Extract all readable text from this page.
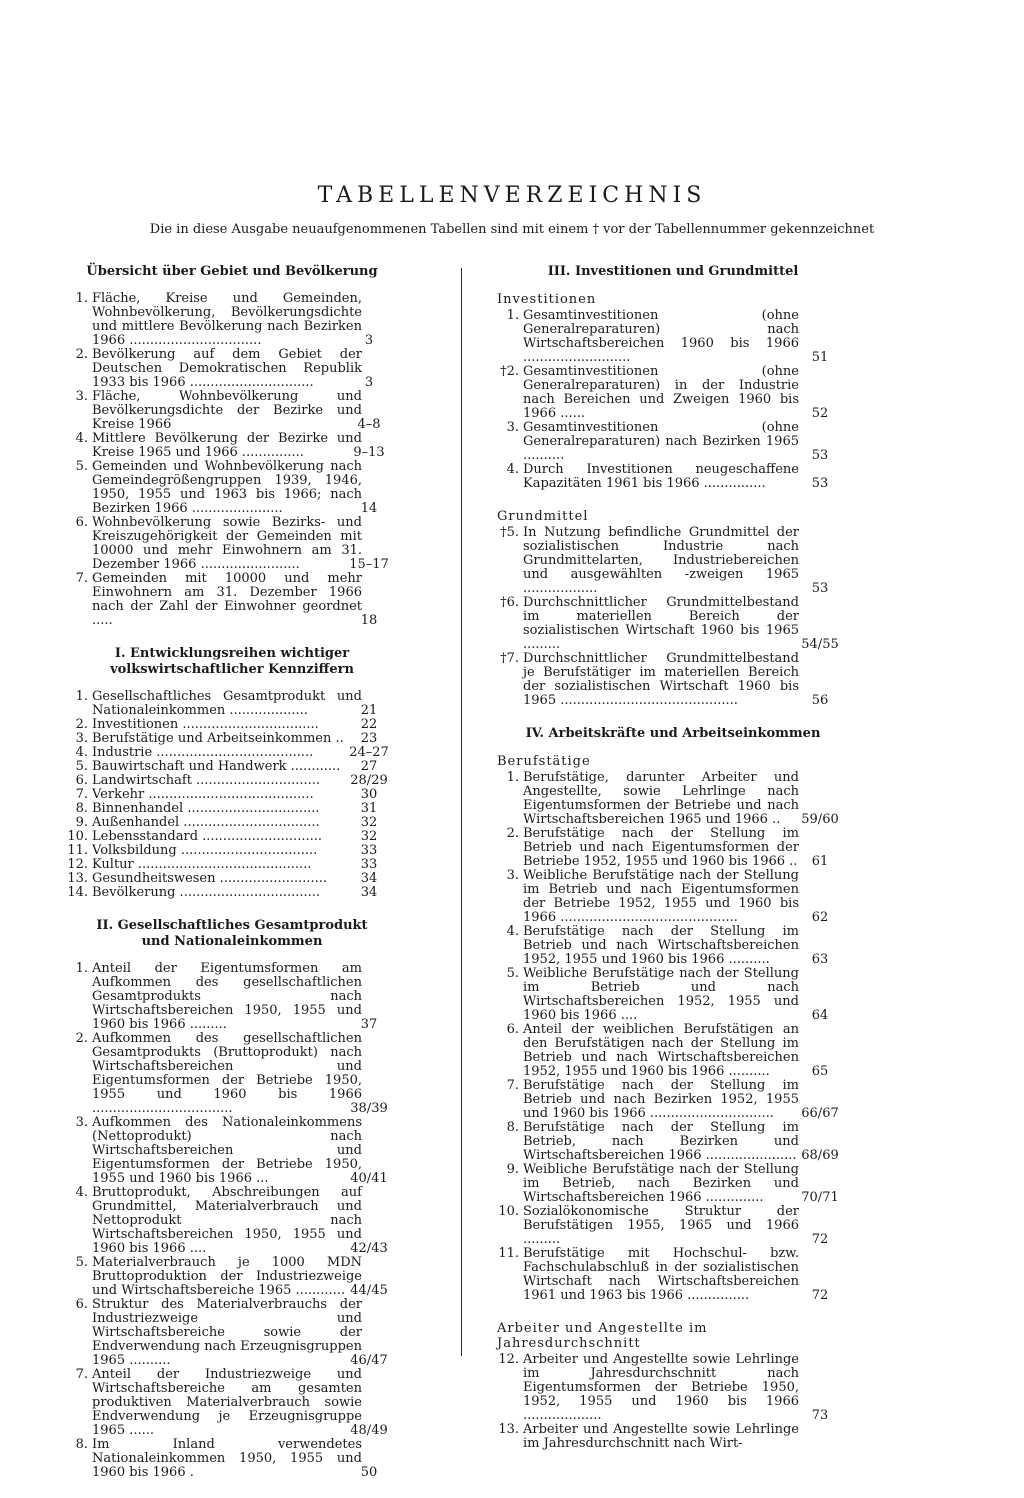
TABELLENVERZEICHNIS
Die in diese Ausgabe neuaufgenommenen Tabellen sind mit einem † vor der Tabellennummer gekennzeichnet
Übersicht über Gebiet und Bevölkerung
1. Fläche, Kreise und Gemeinden, Wohnbevölkerung, Bevölkerungsdichte und mittlere Bevölkerung nach Bezirken 1966 ................................	3
2. Bevölkerung auf dem Gebiet der Deutschen Demokratischen Republik 1933 bis 1966 ..............................	3
3. Fläche, Wohnbevölkerung und Bevölkerungsdichte der Bezirke und Kreise 1966	4–8
4. Mittlere Bevölkerung der Bezirke und Kreise 1965 und 1966 ...............	9–13
5. Gemeinden und Wohnbevölkerung nach Gemeindegrößengruppen 1939, 1946, 1950, 1955 und 1963 bis 1966; nach Bezirken 1966 ......................	14
6. Wohnbevölkerung sowie Bezirks- und Kreiszugehörigkeit der Gemeinden mit 10000 und mehr Einwohnern am 31. Dezember 1966 ........................	15–17
7. Gemeinden mit 10000 und mehr Einwohnern am 31. Dezember 1966 nach der Zahl der Einwohner geordnet .....	18
I. Entwicklungsreihen wichtiger
volkswirtschaftlicher Kennziffern
1. Gesellschaftliches Gesamtprodukt und Nationaleinkommen ...................	21
2. Investitionen .................................	22
3. Berufstätige und Arbeitseinkommen ..	23
4. Industrie ......................................	24–27
5. Bauwirtschaft und Handwerk ............	27
6. Landwirtschaft ..............................	28/29
7. Verkehr ........................................	30
8. Binnenhandel ................................	31
9. Außenhandel .................................	32
10. Lebensstandard .............................	32
11. Volksbildung .................................	33
12. Kultur ..........................................	33
13. Gesundheitswesen ..........................	34
14. Bevölkerung ..................................	34
II. Gesellschaftliches Gesamtprodukt
und Nationaleinkommen
1. Anteil der Eigentumsformen am Aufkommen des gesellschaftlichen Gesamtprodukts nach Wirtschaftsbereichen 1950, 1955 und 1960 bis 1966 .........	37
2. Aufkommen des gesellschaftlichen Gesamtprodukts (Bruttoprodukt) nach Wirtschaftsbereichen und Eigentumsformen der Betriebe 1950, 1955 und 1960 bis 1966 ..................................	38/39
3. Aufkommen des Nationaleinkommens (Nettoprodukt) nach Wirtschaftsbereichen und Eigentumsformen der Betriebe 1950, 1955 und 1960 bis 1966 ...	40/41
4. Bruttoprodukt, Abschreibungen auf Grundmittel, Materialverbrauch und Nettoprodukt nach Wirtschaftsbereichen 1950, 1955 und 1960 bis 1966 ....	42/43
5. Materialverbrauch je 1000 MDN Bruttoproduktion der Industriezweige und Wirtschaftsbereiche 1965 ............ 44/45
6. Struktur des Materialverbrauchs der Industriezweige und Wirtschaftsbereiche sowie der Endverwendung nach Erzeugnisgruppen 1965 ..........	46/47
7. Anteil der Industriezweige und Wirtschaftsbereiche am gesamten produktiven Materialverbrauch sowie Endverwendung je Erzeugnisgruppe 1965 ......	48/49
8. Im Inland verwendetes Nationaleinkommen 1950, 1955 und 1960 bis 1966 .	50
III. Investitionen und Grundmittel
Investitionen
1. Gesamtinvestitionen (ohne Generalreparaturen) nach Wirtschaftsbereichen 1960 bis 1966 ..........................	51
†2. Gesamtinvestitionen (ohne Generalreparaturen) in der Industrie nach Bereichen und Zweigen 1960 bis 1966 ......	52
3. Gesamtinvestitionen (ohne Generalreparaturen) nach Bezirken 1965 ..........	53
4. Durch Investitionen neugeschaffene Kapazitäten 1961 bis 1966 ...............	53
Grundmittel
†5. In Nutzung befindliche Grundmittel der sozialistischen Industrie nach Grundmittelarten, Industriebereichen und ausgewählten -zweigen 1965 ..................	53
†6. Durchschnittlicher Grundmittelbestand im materiellen Bereich der sozialistischen Wirtschaft 1960 bis 1965 .........	54/55
†7. Durchschnittlicher Grundmittelbestand je Berufstätiger im materiellen Bereich der sozialistischen Wirtschaft 1960 bis 1965 ...........................................	56
IV. Arbeitskräfte und Arbeitseinkommen
Berufstätige
1. Berufstätige, darunter Arbeiter und Angestellte, sowie Lehrlinge nach Eigentumsformen der Betriebe und nach Wirtschaftsbereichen 1965 und 1966 ..	59/60
2. Berufstätige nach der Stellung im Betrieb und nach Eigentumsformen der Betriebe 1952, 1955 und 1960 bis 1966 ..	61
3. Weibliche Berufstätige nach der Stellung im Betrieb und nach Eigentumsformen der Betriebe 1952, 1955 und 1960 bis 1966 ...........................................	62
4. Berufstätige nach der Stellung im Betrieb und nach Wirtschaftsbereichen 1952, 1955 und 1960 bis 1966 ..........	63
5. Weibliche Berufstätige nach der Stellung im Betrieb und nach Wirtschaftsbereichen 1952, 1955 und 1960 bis 1966 ....	64
6. Anteil der weiblichen Berufstätigen an den Berufstätigen nach der Stellung im Betrieb und nach Wirtschaftsbereichen 1952, 1955 und 1960 bis 1966 ..........	65
7. Berufstätige nach der Stellung im Betrieb und nach Bezirken 1952, 1955 und 1960 bis 1966 ..............................	66/67
8. Berufstätige nach der Stellung im Betrieb, nach Bezirken und Wirtschaftsbereichen 1966 ...................... 68/69
9. Weibliche Berufstätige nach der Stellung im Betrieb, nach Bezirken und Wirtschaftsbereichen 1966 ..............	70/71
10. Sozialökonomische Struktur der Berufstätigen 1955, 1965 und 1966 .........	72
11. Berufstätige mit Hochschul- bzw. Fachschulabschluß in der sozialistischen Wirtschaft nach Wirtschaftsbereichen 1961 und 1963 bis 1966 ...............	72
Arbeiter und Angestellte im Jahresdurchschnitt
12. Arbeiter und Angestellte sowie Lehrlinge im Jahresdurchschnitt nach Eigentumsformen der Betriebe 1950, 1952, 1955 und 1960 bis 1966 ...................	73
13. Arbeiter und Angestellte sowie Lehrlinge im Jahresdurchschnitt nach Wirt-
